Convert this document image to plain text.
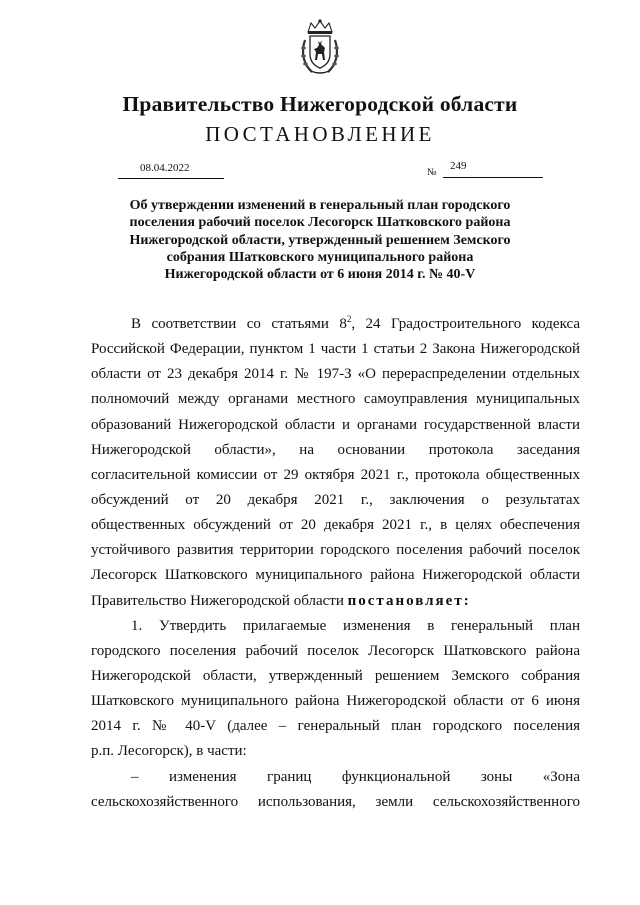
Правительство Нижегородской области
ПОСТАНОВЛЕНИЕ
08.04.2022	№
249
Об утверждении изменений в генеральный план городского
поселения рабочий поселок Лесогорск Шатковского района
Нижегородской области, утвержденный решением Земского
собрания Шатковского муниципального района
Нижегородской области от 6 июня 2014 г. № 40-V
В соответствии со статьями $8^2$, 24 Градостроительного кодекса
Российской Федерации, пунктом 1 части 1 статьи 2 Закона Нижегородской
области от 23 декабря 2014 г. № 197-З «О перераспределении отдельных
полномочий между органами местного самоуправления муниципальных
образований Нижегородской области и органами государственной власти
Нижегородской области», на основании протокола заседания
согласительной комиссии от 29 октября 2021 г., протокола общественных
обсуждений от 20 декабря 2021 г., заключения о результатах
общественных обсуждений от 20 декабря 2021 г., в целях обеспечения
устойчивого развития территории городского поселения рабочий поселок
Лесогорск Шатковского муниципального района Нижегородской области
Правительство Нижегородской области постановляет:
1. Утвердить прилагаемые изменения в генеральный план
городского поселения рабочий поселок Лесогорск Шатковского района
Нижегородской области, утвержденный решением Земского собрания
Шатковского муниципального района Нижегородской области от 6 июня
2014 г. № 40-V (далее – генеральный план городского поселения
р.п. Лесогорск), в части:
– изменения границ функциональной зоны «Зона
сельскохозяйственного использования, земли сельскохозяйственного
